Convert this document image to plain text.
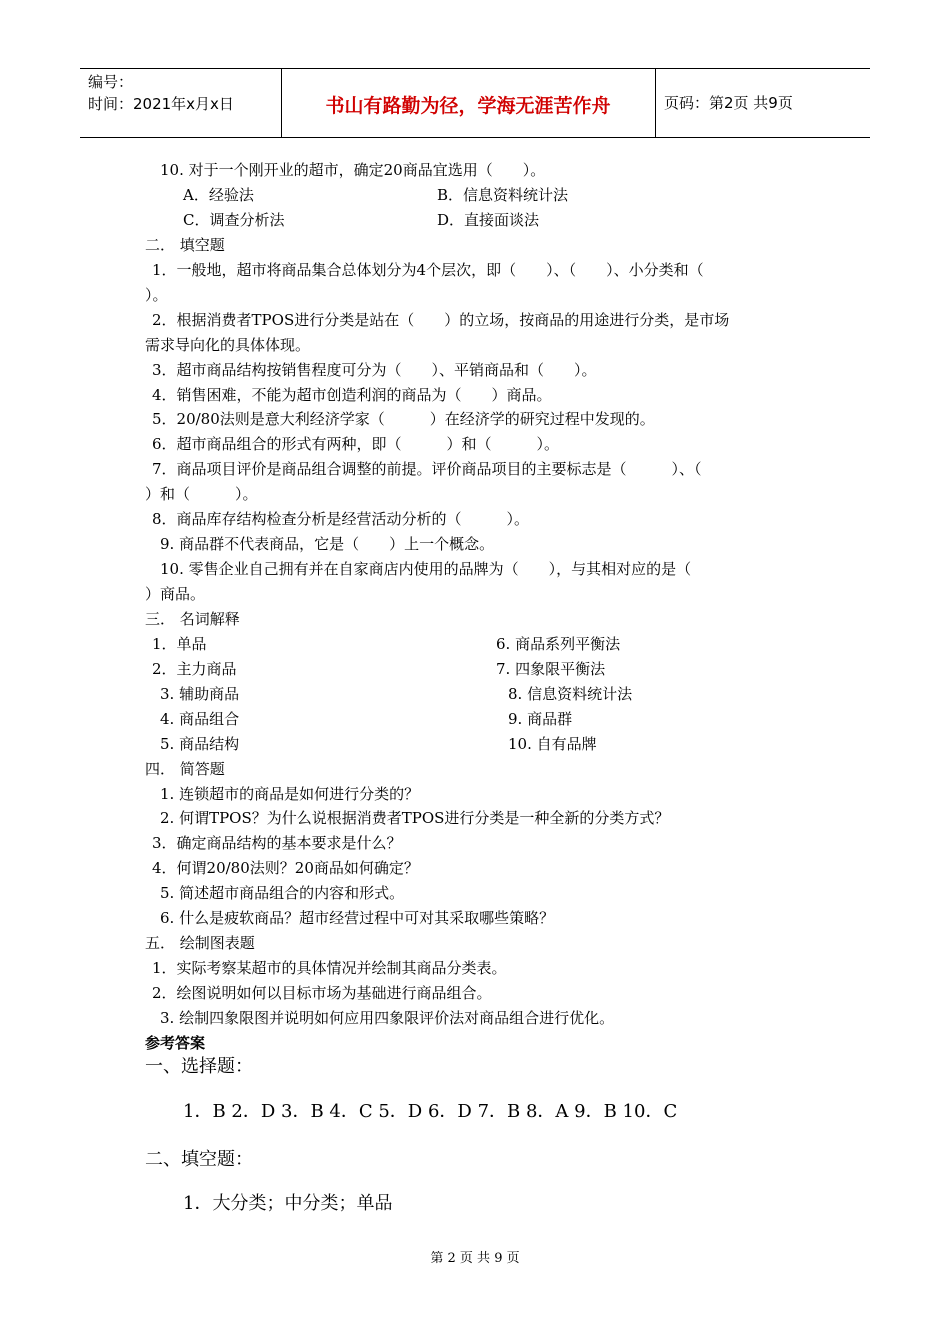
编号：
时间：2021年x月x日	书山有路勤为径，学海无涯苦作舟	页码：第2页 共9页
10. 对于一个刚开业的超市，确定20商品宜选用（　　）。
A．经验法	B．信息资料统计法
C．调查分析法	D．直接面谈法
二． 填空题
1．一般地，超市将商品集合总体划分为4个层次，即（　　）、（　　）、小分类和（
）。
2．根据消费者TPOS进行分类是站在（　　）的立场，按商品的用途进行分类，是市场
需求导向化的具体体现。
3．超市商品结构按销售程度可分为（　　）、平销商品和（　　）。
4．销售困难，不能为超市创造利润的商品为（　　）商品。
5．20/80法则是意大利经济学家（　　　）在经济学的研究过程中发现的。
6．超市商品组合的形式有两种，即（　　　）和（　　　）。
7．商品项目评价是商品组合调整的前提。评价商品项目的主要标志是（　　　）、（
）和（　　　）。
8．商品库存结构检查分析是经营活动分析的（　　　）。
9. 商品群不代表商品，它是（　　）上一个概念。
10. 零售企业自己拥有并在自家商店内使用的品牌为（　　），与其相对应的是（
）商品。
三． 名词解释
1．单品	6. 商品系列平衡法
2．主力商品	7. 四象限平衡法
3. 辅助商品	8. 信息资料统计法
4. 商品组合	9. 商品群
5. 商品结构	10. 自有品牌
四． 简答题
1. 连锁超市的商品是如何进行分类的？
2. 何谓TPOS？为什么说根据消费者TPOS进行分类是一种全新的分类方式？
3．确定商品结构的基本要求是什么？
4．何谓20/80法则？20商品如何确定？
5. 简述超市商品组合的内容和形式。
6. 什么是疲软商品？超市经营过程中可对其采取哪些策略？
五． 绘制图表题
1．实际考察某超市的具体情况并绘制其商品分类表。
2．绘图说明如何以目标市场为基础进行商品组合。
3. 绘制四象限图并说明如何应用四象限评价法对商品组合进行优化。
参考答案
一、选择题：
1．B 2．D 3．B 4．C 5．D 6．D 7．B 8．A 9．B 10．C
二、填空题：
1．大分类；中分类；单品
第 2 页 共 9 页
